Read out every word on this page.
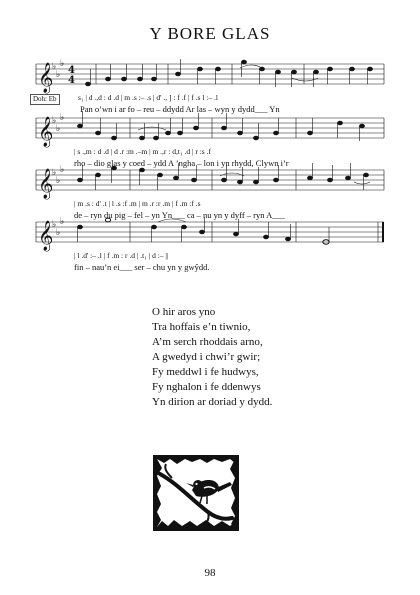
Y BORE GLAS
𝄞
𝄞
𝄞
𝄞
♭
♭
♭
♭
♭
♭
♭
♭
♭
♭
♭
♭
4
4
Doh: Eb	s₁ | d .,d : d .d | m .s :– .s | d' ., ] : f .f | f .s l :– .l
Pan o’wn i ar fo – reu – ddydd Ar las – wyn y dydd___ Yn
| s .,m : d .d | d .r :m .–m | m .,r : d,t₁ .d | r :s .f
rho – dio glas y coed – ydd A ’ngha – lon i yn rhydd, Clywn i’r
| m .s : d' .t | l .s :f .m | m .r :r .m | f .m :f .s
de – ryn du pig – fel – yn Yn___ ca – nu yn y dyff – ryn A___
| l .d' :– .l | f .m : r .d | .t₁ | d :– ||
fin – nau’n ei___ ser – chu yn y gwŷdd.
O hir aros yno
Tra hoffais e’n tiwnio,
A’m serch rhoddais arno,
A gwedyd i chwi’r gwir;
Fy meddwl i fe hudwys,
Fy nghalon i fe ddenwys
Yn dirion ar doriad y dydd.
98
